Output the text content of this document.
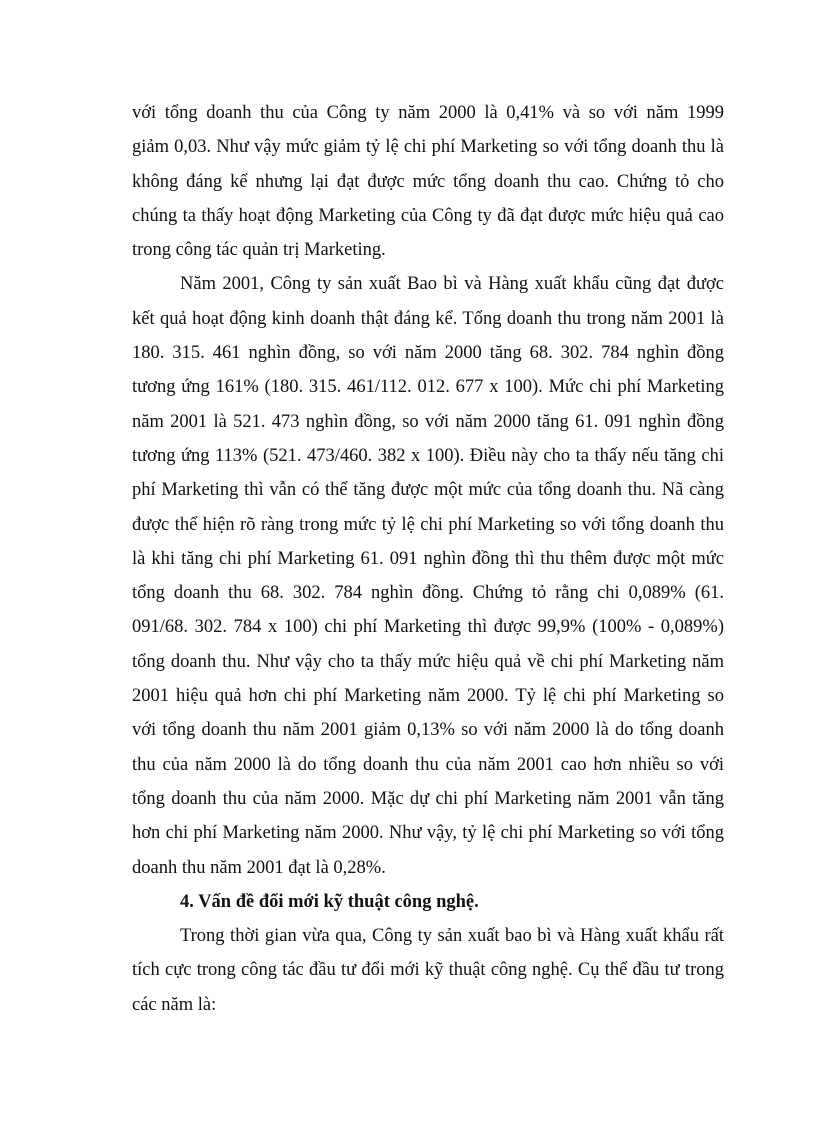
với tổng doanh thu của Công ty năm 2000 là 0,41% và so với năm 1999
giảm 0,03. Như vậy mức giảm tỷ lệ chi phí Marketing so với tổng doanh thu là
không đáng kể nhưng lại đạt được mức tổng doanh thu cao. Chứng tỏ cho
chúng ta thấy hoạt động Marketing của Công ty đã đạt được mức hiệu quả cao
trong công tác quản trị Marketing.
Năm 2001, Công ty sản xuất Bao bì và Hàng xuất khẩu cũng đạt được
kết quả hoạt động kinh doanh thật đáng kể. Tổng doanh thu trong năm 2001 là
180. 315. 461 nghìn đồng, so với năm 2000 tăng 68. 302. 784 nghìn đồng
tương ứng 161% (180. 315. 461/112. 012. 677 x 100). Mức chi phí Marketing
năm 2001 là 521. 473 nghìn đồng, so với năm 2000 tăng 61. 091 nghìn đồng
tương ứng 113% (521. 473/460. 382 x 100). Điều này cho ta thấy nếu tăng chi
phí Marketing thì vẫn có thể tăng được một mức của tổng doanh thu. Nã càng
được thể hiện rõ ràng trong mức tỷ lệ chi phí Marketing so với tổng doanh thu
là khi tăng chi phí Marketing 61. 091 nghìn đồng thì thu thêm được một mức
tổng doanh thu 68. 302. 784 nghìn đồng. Chứng tỏ rằng chi 0,089% (61.
091/68. 302. 784 x 100) chi phí Marketing thì được 99,9% (100% - 0,089%)
tổng doanh thu. Như vậy cho ta thấy mức hiệu quả về chi phí Marketing năm
2001 hiệu quả hơn chi phí Marketing năm 2000. Tỷ lệ chi phí Marketing so
với tổng doanh thu năm 2001 giảm 0,13% so với năm 2000 là do tổng doanh
thu của năm 2000 là do tổng doanh thu của năm 2001 cao hơn nhiều so với
tổng doanh thu của năm 2000. Mặc dự chi phí Marketing năm 2001 vẫn tăng
hơn chi phí Marketing năm 2000. Như vậy, tỷ lệ chi phí Marketing so với tổng
doanh thu năm 2001 đạt là 0,28%.
4. Vấn đề đổi mới kỹ thuật công nghệ.
Trong thời gian vừa qua, Công ty sản xuất bao bì và Hàng xuất khẩu rất
tích cực trong công tác đầu tư đổi mới kỹ thuật công nghệ. Cụ thể đầu tư trong
các năm là:
